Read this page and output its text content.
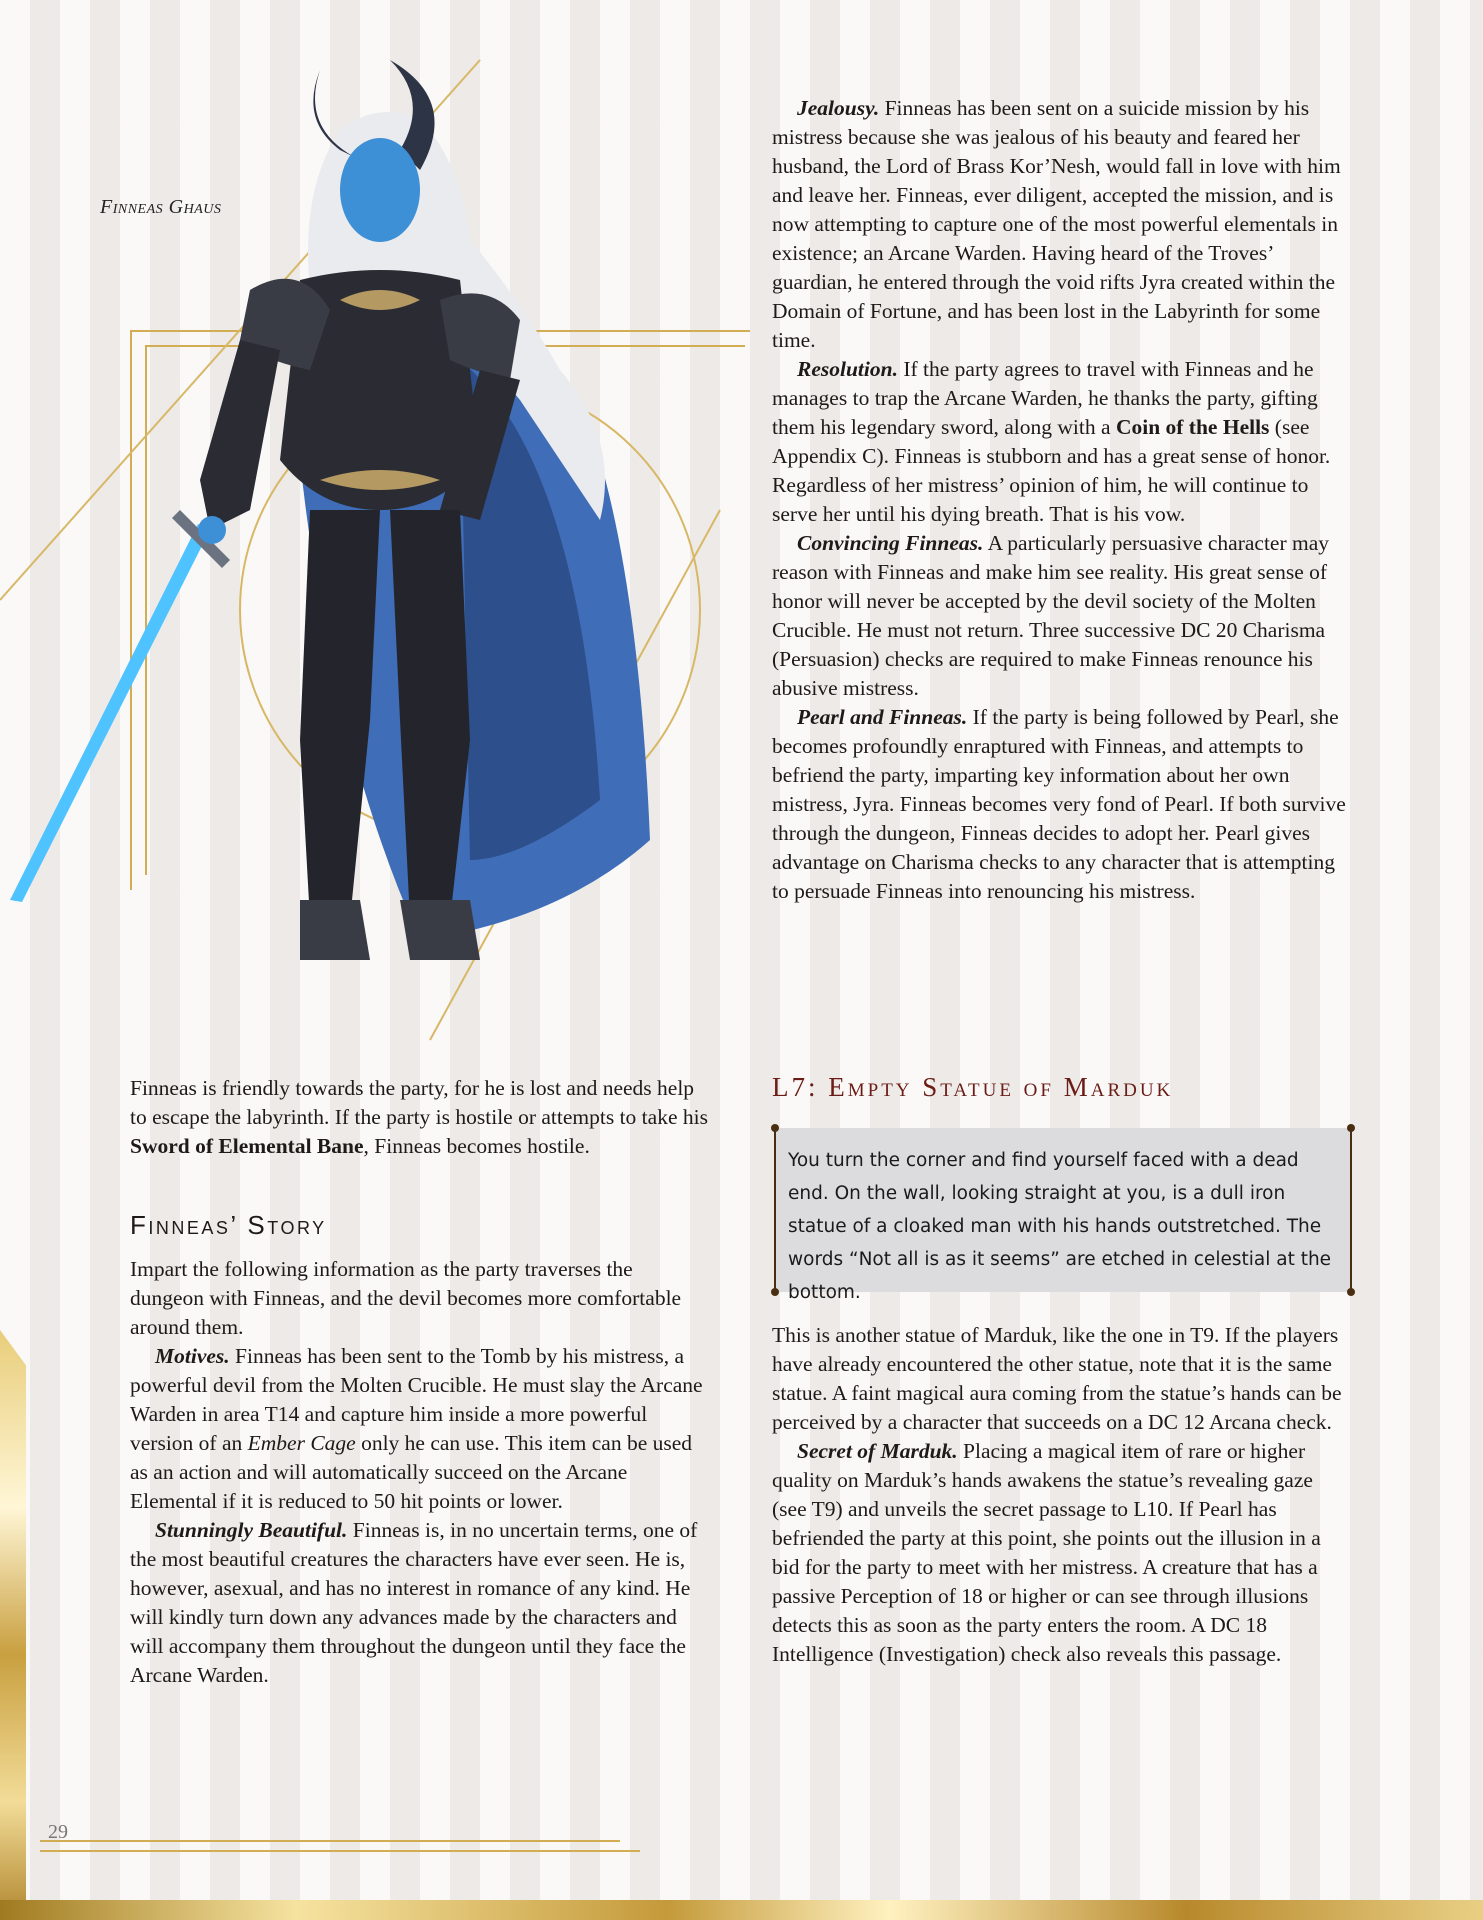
Finneas Ghaus

Finneas is friendly towards the party, for he is lost and needs help to escape the labyrinth. If the party is hostile or attempts to take his Sword of Elemental Bane, Finneas becomes hostile.

Finneas’ Story

Impart the following information as the party traverses the dungeon with Finneas, and the devil becomes more comfortable around them.

Motives. Finneas has been sent to the Tomb by his mistress, a powerful devil from the Molten Crucible. He must slay the Arcane Warden in area T14 and capture him inside a more powerful version of an Ember Cage only he can use. This item can be used as an action and will automatically succeed on the Arcane Elemental if it is reduced to 50 hit points or lower.

Stunningly Beautiful. Finneas is, in no uncertain terms, one of the most beautiful creatures the characters have ever seen. He is, however, asexual, and has no interest in romance of any kind. He will kindly turn down any advances made by the characters and will accompany them throughout the dungeon until they face the Arcane Warden.

Jealousy. Finneas has been sent on a suicide mission by his mistress because she was jealous of his beauty and feared her husband, the Lord of Brass Kor’Nesh, would fall in love with him and leave her. Finneas, ever diligent, accepted the mission, and is now attempting to capture one of the most powerful elementals in existence; an Arcane Warden. Having heard of the Troves’ guardian, he entered through the void rifts Jyra created within the Domain of Fortune, and has been lost in the Labyrinth for some time.

Resolution. If the party agrees to travel with Finneas and he manages to trap the Arcane Warden, he thanks the party, gifting them his legendary sword, along with a Coin of the Hells (see Appendix C). Finneas is stubborn and has a great sense of honor. Regardless of her mistress’ opinion of him, he will continue to serve her until his dying breath. That is his vow.

Convincing Finneas. A particularly persuasive character may reason with Finneas and make him see reality. His great sense of honor will never be accepted by the devil society of the Molten Crucible. He must not return. Three successive DC 20 Charisma (Persuasion) checks are required to make Finneas renounce his abusive mistress.

Pearl and Finneas. If the party is being followed by Pearl, she becomes profoundly enraptured with Finneas, and attempts to befriend the party, imparting key information about her own mistress, Jyra. Finneas becomes very fond of Pearl. If both survive through the dungeon, Finneas decides to adopt her. Pearl gives advantage on Charisma checks to any character that is attempting to persuade Finneas into renouncing his mistress.

L7: Empty Statue of Marduk
You turn the corner and find yourself faced with a dead end. On the wall, looking straight at you, is a dull iron statue of a cloaked man with his hands outstretched. The words “Not all is as it seems” are etched in celestial at the bottom.

This is another statue of Marduk, like the one in T9. If the players have already encountered the other statue, note that it is the same statue. A faint magical aura coming from the statue’s hands can be perceived by a character that succeeds on a DC 12 Arcana check.

Secret of Marduk. Placing a magical item of rare or higher quality on Marduk’s hands awakens the statue’s revealing gaze (see T9) and unveils the secret passage to L10. If Pearl has befriended the party at this point, she points out the illusion in a bid for the party to meet with her mistress. A creature that has a passive Perception of 18 or higher or can see through illusions detects this as soon as the party enters the room. A DC 18 Intelligence (Investigation) check also reveals this passage.

29
